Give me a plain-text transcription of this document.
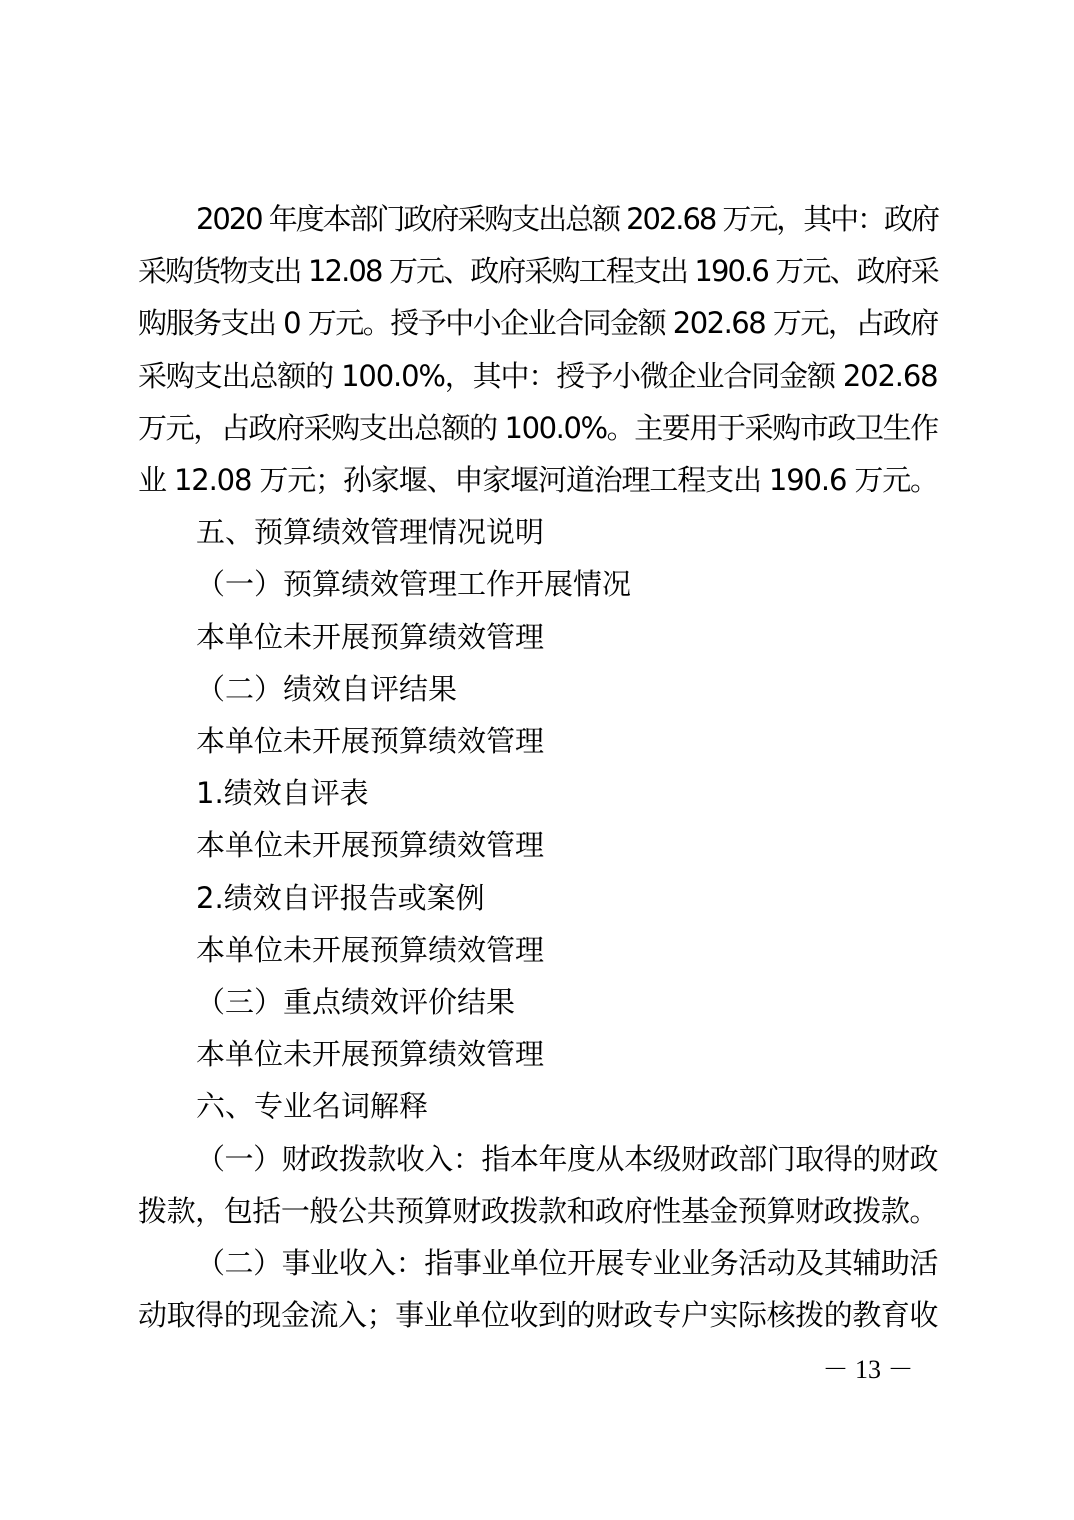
2020 年度本部门政府采购支出总额 202.68 万元，其中：政府
采购货物支出 12.08 万元、政府采购工程支出 190.6 万元、政府采
购服务支出 0 万元。授予中小企业合同金额 202.68 万元，占政府
采购支出总额的 100.0%，其中：授予小微企业合同金额 202.68
万元，占政府采购支出总额的 100.0%。主要用于采购市政卫生作
业 12.08 万元；孙家堰、申家堰河道治理工程支出 190.6 万元。
五、预算绩效管理情况说明
（一）预算绩效管理工作开展情况
本单位未开展预算绩效管理
（二）绩效自评结果
本单位未开展预算绩效管理
1.绩效自评表
本单位未开展预算绩效管理
2.绩效自评报告或案例
本单位未开展预算绩效管理
（三）重点绩效评价结果
本单位未开展预算绩效管理
六、专业名词解释
（一）财政拨款收入：指本年度从本级财政部门取得的财政
拨款，包括一般公共预算财政拨款和政府性基金预算财政拨款。
（二）事业收入：指事业单位开展专业业务活动及其辅助活
动取得的现金流入；事业单位收到的财政专户实际核拨的教育收
－ 13 －
